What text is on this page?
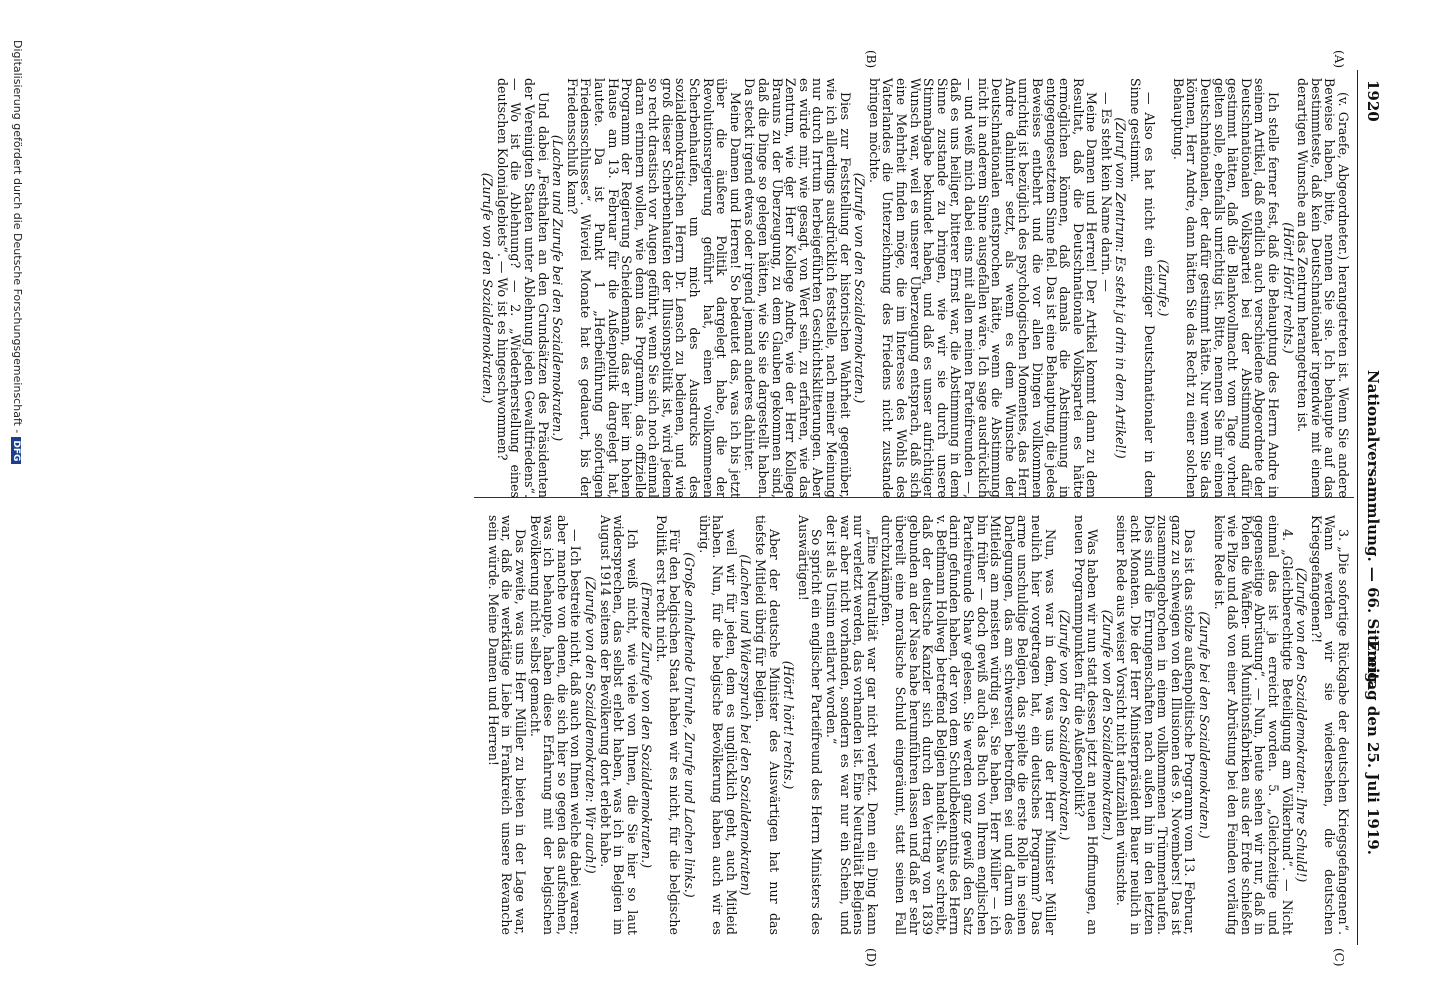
1920
Nationalversammlung. — 66. Sitzung.
Freitag den 25. Juli 1919.
(A)
(B)
(C)
(D)

(v. Graefe, Abgeordneter.) herangetreten ist. Wenn Sie andere Beweise haben, bitte, nennen Sie sie. Ich behaupte auf das bestimmteste, daß kein Deutschnationaler irgendwie mit einem derartigen Wunsche an das Zentrum herangetreten ist.

(Hört! Hört! rechts.)

Ich stelle ferner fest, daß die Behauptung des Herrn Andre in seinem Artikel, daß endlich auch verschiedene Abgeordnete der Deutschnationalen Volkspartei bei der Abstimmung dafür gestimmt hätten, daß die Blankovollmacht vom Tage vorher gelten solle, ebenfalls unrichtig ist. Bitte, nennen Sie mir einen Deutschnationalen, der dafür gestimmt hätte. Nur wenn Sie das können, Herr Andre, dann hätten Sie das Recht zu einer solchen Behauptung.

(Zurufe.)

— Also es hat nicht ein einziger Deutschnationaler in dem Sinne gestimmt.

(Zuruf vom Zentrum: Es steht ja drin in dem Artikel!)

— Es steht kein Name darin. —

Meine Damen und Herren! Der Artikel kommt dann zu dem Resultat, daß die Deutschnationale Volkspartei es hätte ermöglichen können, daß damals die Abstimmung in entgegengesetztem Sinne fiel. Das ist eine Behauptung, die jedes Beweises entbehrt und die vor allen Dingen vollkommen unrichtig ist bezüglich des psychologischen Momentes, das Herr Andre dahinter setzt, als wenn es dem Wunsche der Deutschnationalen entsprochen hätte, wenn die Abstimmung nicht in anderem Sinne ausgefallen wäre. Ich sage ausdrücklich — und weiß mich dabei eins mit allen meinen Parteifreunden —, daß es uns heiliger, bitterer Ernst war, die Abstimmung in dem Sinne zustande zu bringen, wie wir sie durch unsere Stimmabgabe bekundet haben, und daß es unser aufrichtiger Wunsch war, weil es unserer Überzeugung entsprach, daß sich eine Mehrheit finden möge, die im Interesse des Wohls des Vaterlandes die Unterzeichnung des Friedens nicht zustande bringen möchte.

(Zurufe von den Sozialdemokraten.)

Dies zur Feststellung der historischen Wahrheit gegenüber, wie ich allerdings ausdrücklich feststelle, nach meiner Meinung nur durch Irrtum herbeigeführten Geschichtsklitterungen. Aber es würde mir, wie gesagt, von Wert sein, zu erfahren, wie das Zentrum, wie der Herr Kollege Andre, wie der Herr Kollege Brauns zu der Überzeugung, zu dem Glauben gekommen sind, daß die Dinge so gelegen hätten, wie Sie sie dargestellt haben. Da steckt irgend etwas oder irgend jemand anderes dahinter.

Meine Damen und Herren! So bedeutet das, was ich bis jetzt über die äußere Politik dargelegt habe, die der Revolutionsregierung geführt hat, einen vollkommenen Scherbenhaufen, um mich des Ausdrucks des sozialdemokratischen Herrn Dr. Lensch zu bedienen, und wie groß dieser Scherbenhaufen der Illusionspolitik ist, wird jedem so recht drastisch vor Augen geführt, wenn Sie sich noch einmal daran erinnern wollen, wie denn das Programm, das offizielle Programm der Regierung Scheidemann, das er hier im hohen Hause am 13. Februar für die Außenpolitik dargelegt hat, lautete. Da ist Punkt 1 „Herbeiführung sofortigen Friedensschlusses“. Wieviel Monate hat es gedauert, bis der Friedensschluß kam?

(Lachen und Zurufe bei den Sozialdemokraten.)

Und dabei „Festhalten an den Grundsätzen des Präsidenten der Vereinigten Staaten unter Ablehnung jeden Gewaltfriedens“. — Wo ist die Ablehnung? — 2. „Wiederherstellung eines deutschen Kolonialgebiets“. — Wo ist es hingeschwommen?

(Zurufe von den Sozialdemokraten.)

3. „Die sofortige Rückgabe der deutschen Kriegsgefangenen“. Wann werden wir sie wiedersehen, die deutschen Kriegsgefangenen?!

(Zurufe von den Sozialdemokraten: Ihre Schuld!)

4. „Gleichberechtigte Beteiligung am Völkerbund“. — Nicht einmal das ist ja erreicht worden. 5. „Gleichzeitige und gegenseitige Abrüstung“. — Nun, heute sehen wir nur, daß in Polen die Waffen- und Munitionsfabriken aus der Erde schießen wie Pilze und daß von einer Abrüstung bei den Feinden vorläufig keine Rede ist.

(Zurufe bei den Sozialdemokraten.)

Das ist das stolze außenpolitische Programm vom 13. Februar, ganz zu schweigen von den Illusionen des 9. Novembers! Das ist zusammengebrochen in einem vollkommenen Trümmerhaufen. Dies sind die Errungenschaften nach außen hin in den letzten acht Monaten. Die der Herr Ministerpräsident Bauer neulich in seiner Rede aus weiser Vorsicht nicht aufzuzählen wünschte.

(Zurufe von den Sozialdemokraten.)

Was haben wir nun statt dessen jetzt an neuen Hoffnungen, an neuen Programmpunkten für die Außenpolitik?

(Zurufe von den Sozialdemokraten.)

Nun, was war in dem, was uns der Herr Minister Müller neulich hier vorgetragen hat, ein deutsches Programm? Das arme unschuldige Belgien, das spielte die erste Rolle in seinen Darlegungen, das am schwersten betroffen sei und darum des Mitleids am meisten würdig sei. Sie haben, Herr Müller — ich bin früher — doch gewiß auch das Buch von Ihrem englischen Parteifreunde Shaw gelesen. Sie werden ganz gewiß den Satz darin gefunden haben, der von dem Schuldbekenntnis des Herrn v. Bethmann Hollweg betreffend Belgien handelt. Shaw schreibt, daß der deutsche Kanzler sich durch den Vertrag von 1839 gebunden an der Nase habe herumführen lassen und daß er sehr übereilt eine moralische Schuld eingeräumt, statt seinen Fall durchzukämpfen.

„Eine Neutralität war gar nicht verletzt. Denn ein Ding kann nur verletzt werden, das vorhanden ist. Eine Neutralität Belgiens war aber nicht vorhanden, sondern es war nur ein Schein, und der ist als Unsinn entlarvt worden.“

So spricht ein englischer Parteifreund des Herrn Ministers des Auswärtigen!

(Hört! hört! rechts.)

Aber der deutsche Minister des Auswärtigen hat nur das tiefste Mitleid übrig für Belgien.

(Lachen und Widerspruch bei den Sozialdemokraten)

weil wir für jeden, dem es unglücklich geht, auch Mitleid haben. Nun, für die belgische Bevölkerung haben auch wir es übrig.

(Große anhaltende Unruhe, Zurufe und Lachen links.)

Für den belgischen Staat haben wir es nicht, für die belgische Politik erst recht nicht.

(Erneute Zurufe von den Sozialdemokraten.)

Ich weiß nicht, wie viele von Ihnen, die Sie hier so laut widersprechen, das selbst erlebt haben, was ich in Belgien im August 1914 seitens der Bevölkerung dort erlebt habe.

(Zurufe von den Sozialdemokraten: Wir auch!)

— Ich bestreite nicht, daß auch von Ihnen welche dabei waren; aber manche von denen, die sich hier so gegen das aufsehnen, was ich behaupte, haben diese Erfahrung mit der belgischen Bevölkerung nicht selbst gemacht.

Das zweite, was uns Herr Müller zu bieten in der Lage war, war, daß die werktätige Liebe in Frankreich unsere Revanche sein würde. Meine Damen und Herren!

Digitalisierung gefördert durch die Deutsche Forschungsgemeinschaft -DFG
